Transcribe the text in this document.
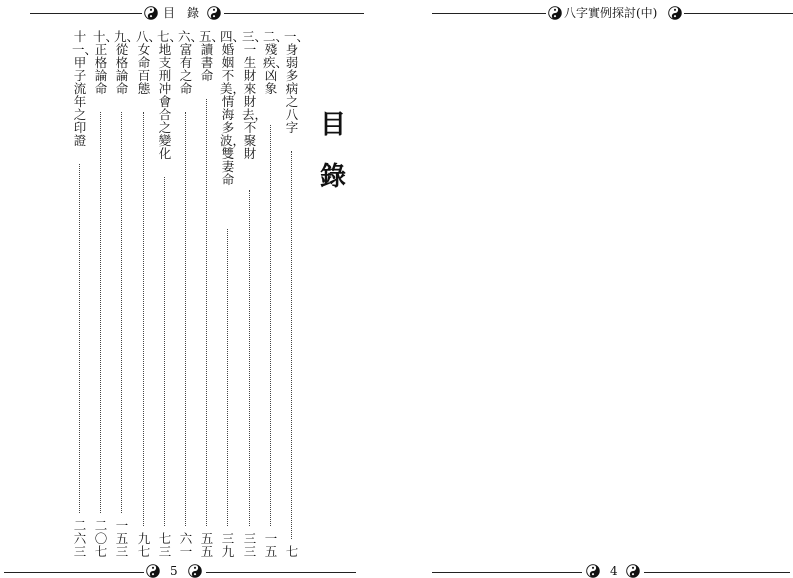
目　錄
目
錄
一、身弱多病之八字
七
二、殘疾、凶象
一五
三、一生財來財去，不聚財
三三
四、婚姻不美，情海多波，雙妻命
三九
五、讀書命
五五
六、富有之命
六一
七、地支刑冲會合之變化
七三
八、女命百態
九七
九、從格論命
一五三
十、正格論命
二〇七
十一、甲子流年之印證
二六三
5
八字實例探討(中)
4
